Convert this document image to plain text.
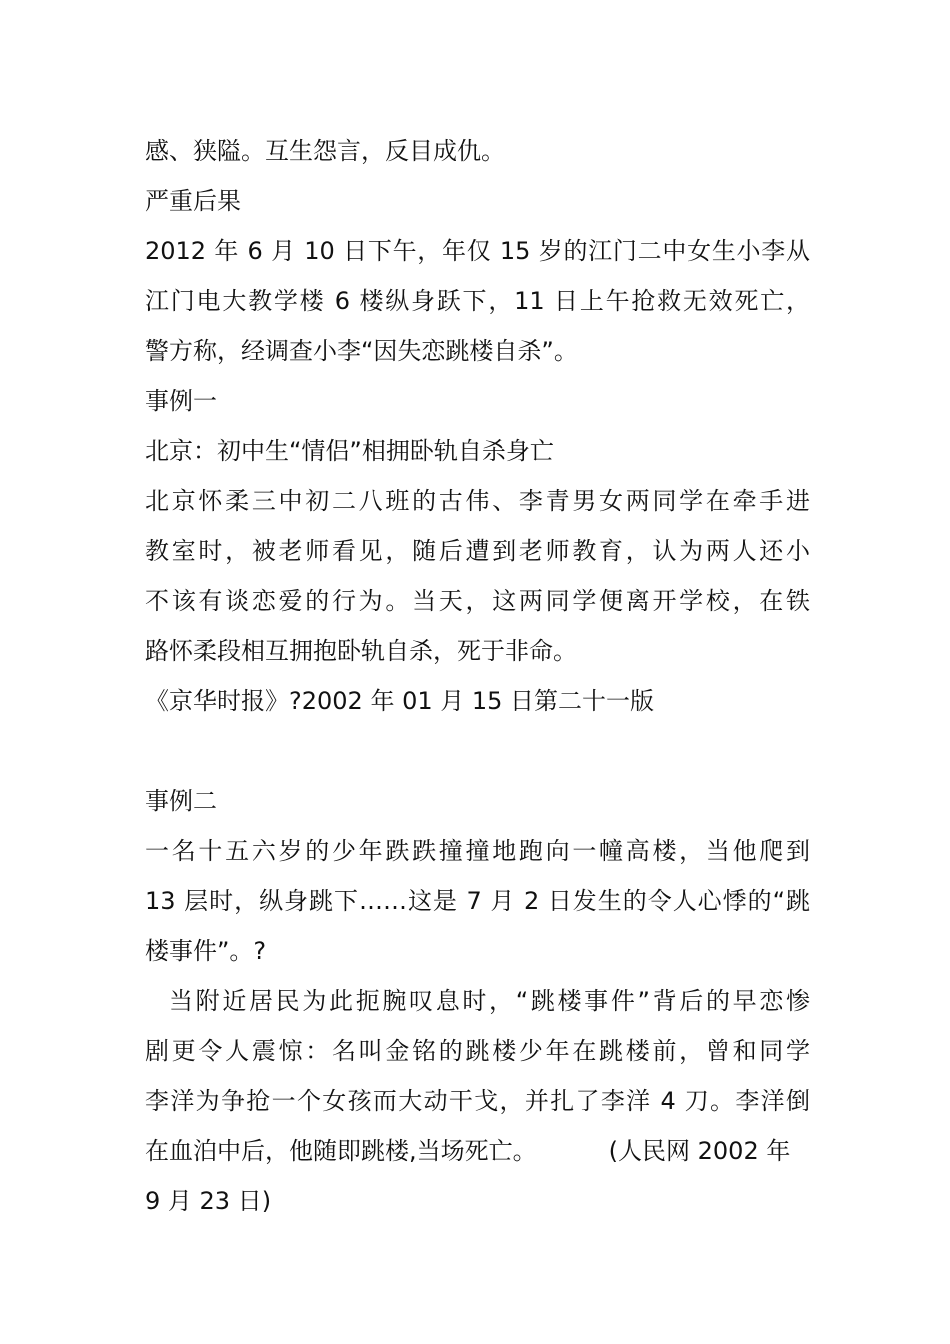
感、狭隘。互生怨言，反目成仇。
严重后果
2012 年 6 月 10 日下午，年仅 15 岁的江门二中女生小李从
江门电大教学楼 6 楼纵身跃下，11 日上午抢救无效死亡，
警方称，经调查小李“因失恋跳楼自杀”。
事例一
北京：初中生“情侣”相拥卧轨自杀身亡
北京怀柔三中初二八班的古伟、李青男女两同学在牵手进
教室时，被老师看见，随后遭到老师教育，认为两人还小
不该有谈恋爱的行为。当天，这两同学便离开学校，在铁
路怀柔段相互拥抱卧轨自杀，死于非命。
《京华时报》?2002 年 01 月 15 日第二十一版
事例二
一名十五六岁的少年跌跌撞撞地跑向一幢高楼，当他爬到
13 层时，纵身跳下……这是 7 月 2 日发生的令人心悸的“跳
楼事件”。?
当附近居民为此扼腕叹息时，“跳楼事件”背后的早恋惨
剧更令人震惊：名叫金铭的跳楼少年在跳楼前，曾和同学
李洋为争抢一个女孩而大动干戈，并扎了李洋 4 刀。李洋倒
在血泊中后，他随即跳楼,当场死亡。	(人民网 2002 年
9 月 23 日)
